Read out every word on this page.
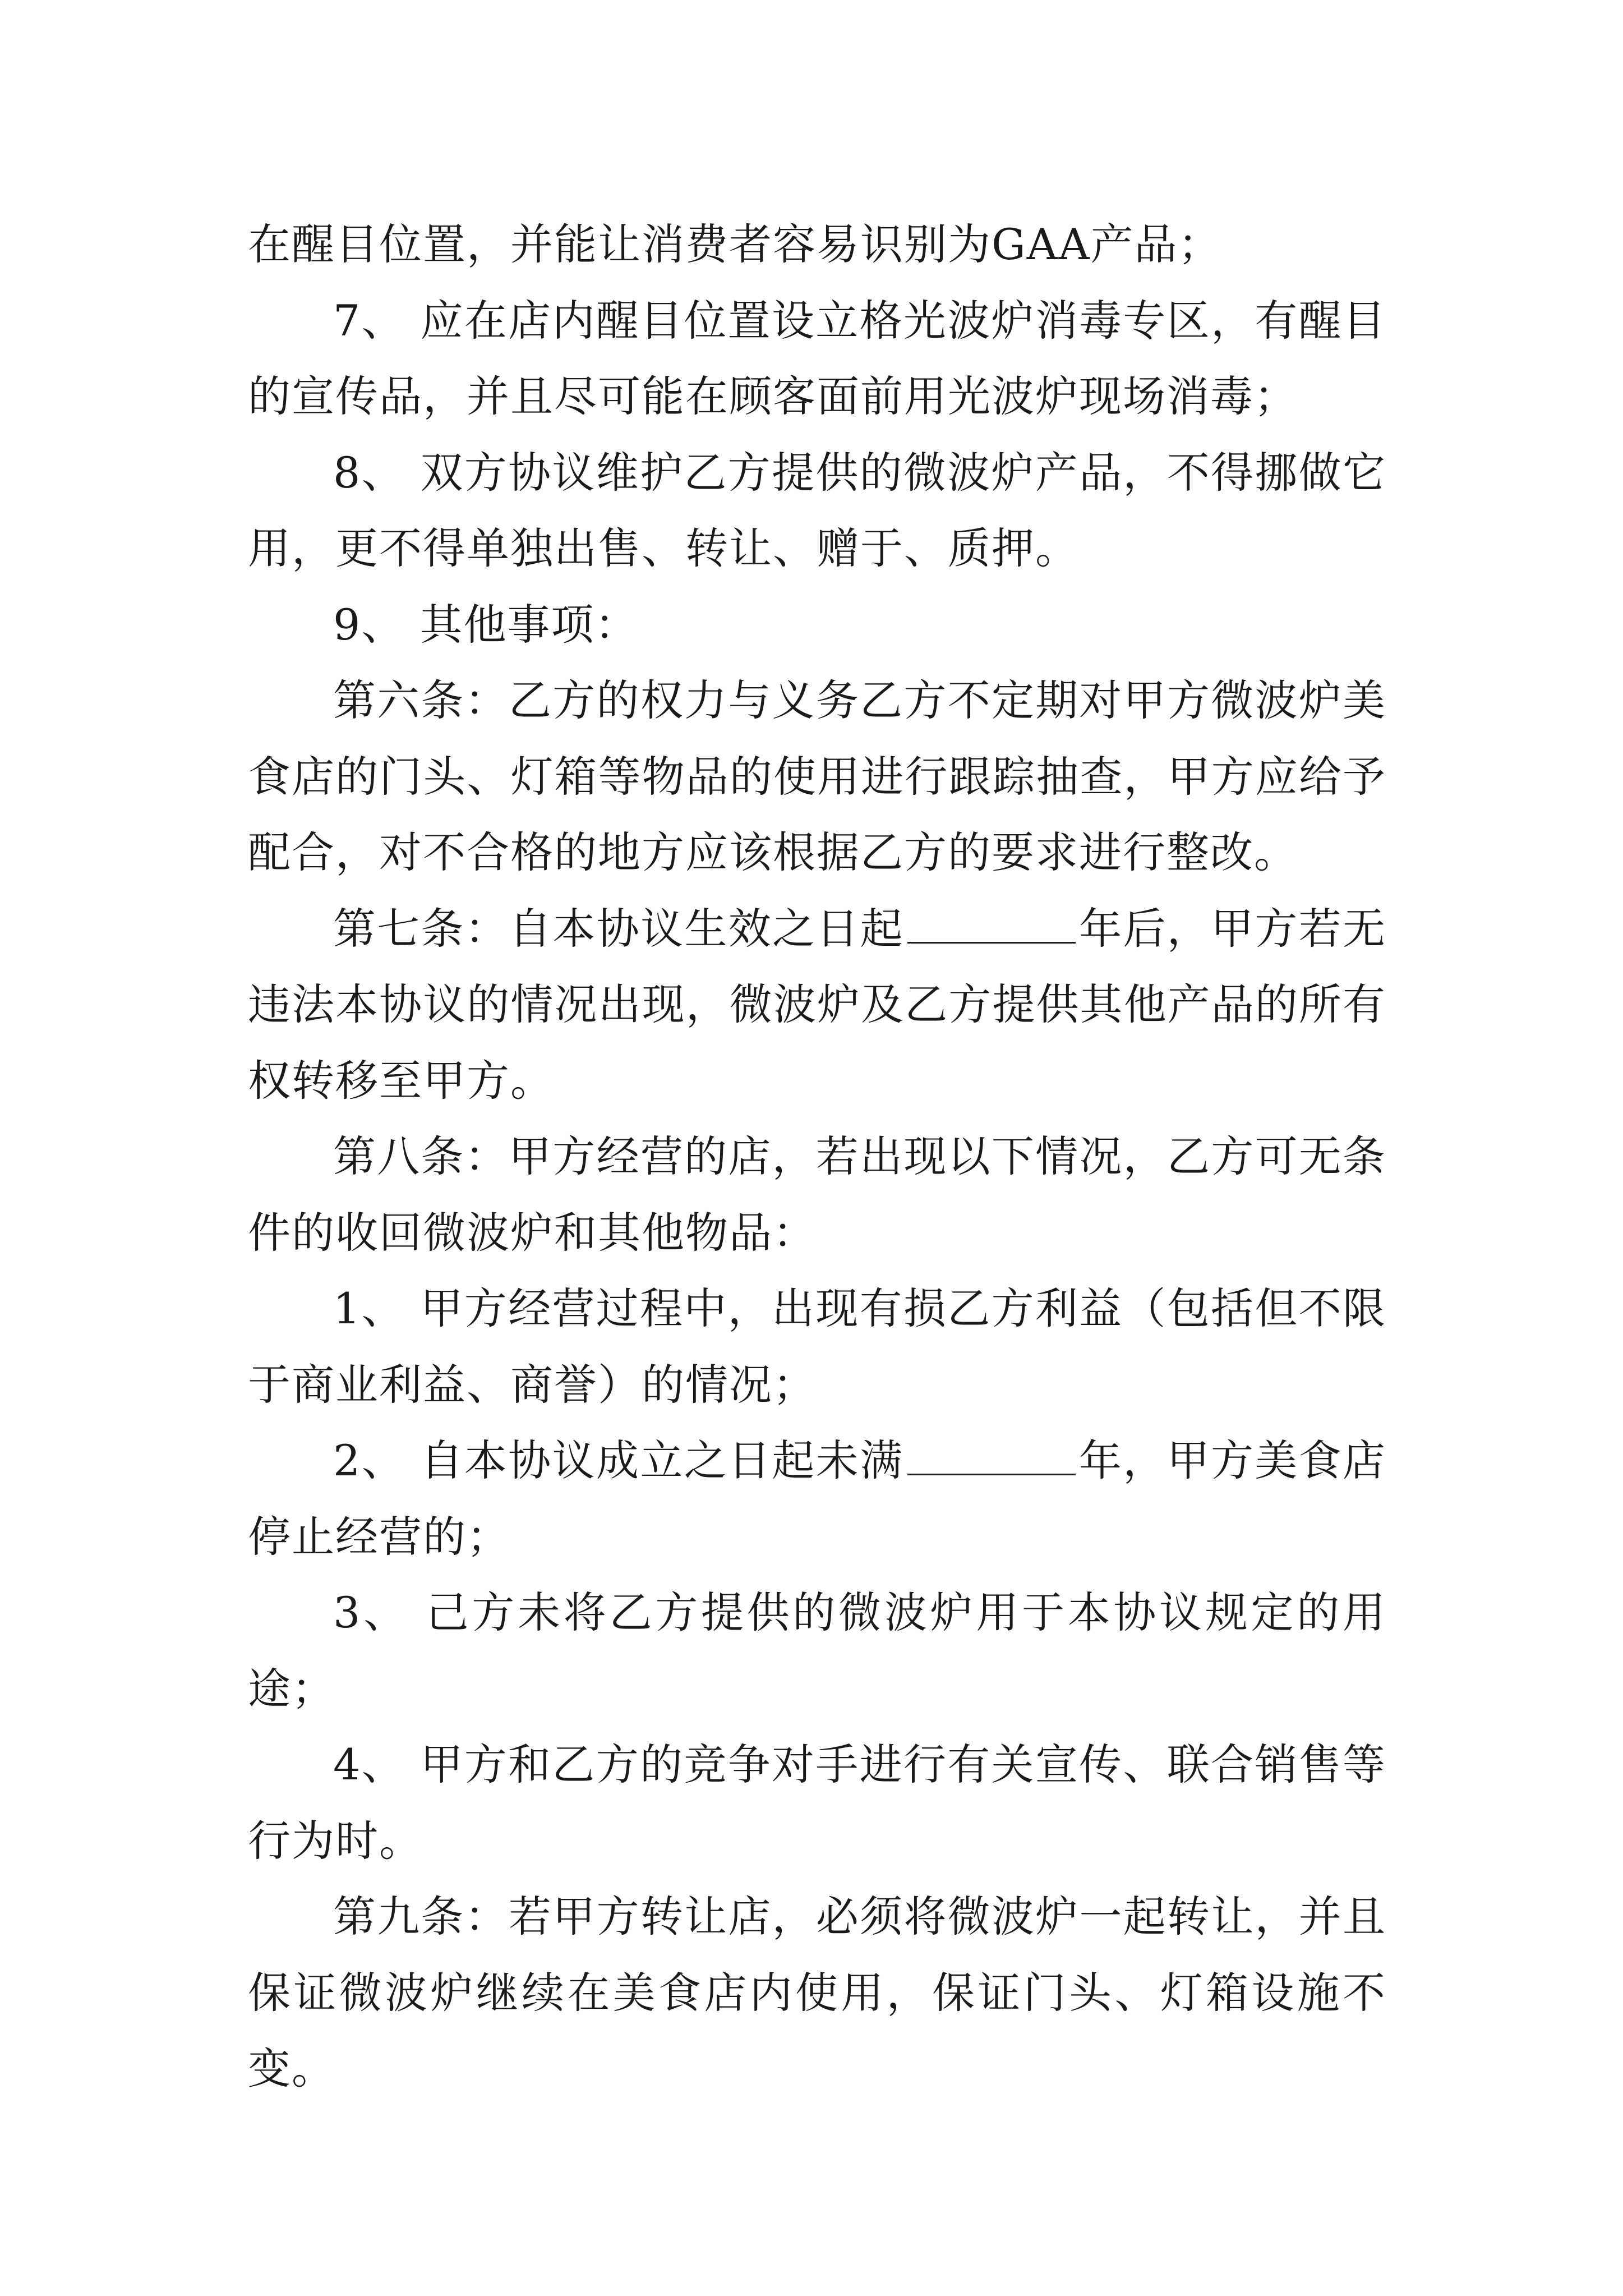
在醒目位置，并能让消费者容易识别为GAA产品；

7、 应在店内醒目位置设立格光波炉消毒专区，有醒目的宣传品，并且尽可能在顾客面前用光波炉现场消毒；

8、 双方协议维护乙方提供的微波炉产品，不得挪做它用，更不得单独出售、转让、赠于、质押。

9、 其他事项：

第六条：乙方的权力与义务乙方不定期对甲方微波炉美食店的门头、灯箱等物品的使用进行跟踪抽查，甲方应给予配合，对不合格的地方应该根据乙方的要求进行整改。

第七条：自本协议生效之日起	年后，甲方若无违法本协议的情况出现，微波炉及乙方提供其他产品的所有权转移至甲方。

第八条：甲方经营的店，若出现以下情况，乙方可无条件的收回微波炉和其他物品：

1、 甲方经营过程中，出现有损乙方利益（包括但不限于商业利益、商誉）的情况；

2、 自本协议成立之日起未满	年，甲方美食店停止经营的；

3、 己方未将乙方提供的微波炉用于本协议规定的用途；

4、 甲方和乙方的竞争对手进行有关宣传、联合销售等行为时。

第九条：若甲方转让店，必须将微波炉一起转让，并且保证微波炉继续在美食店内使用，保证门头、灯箱设施不变。
